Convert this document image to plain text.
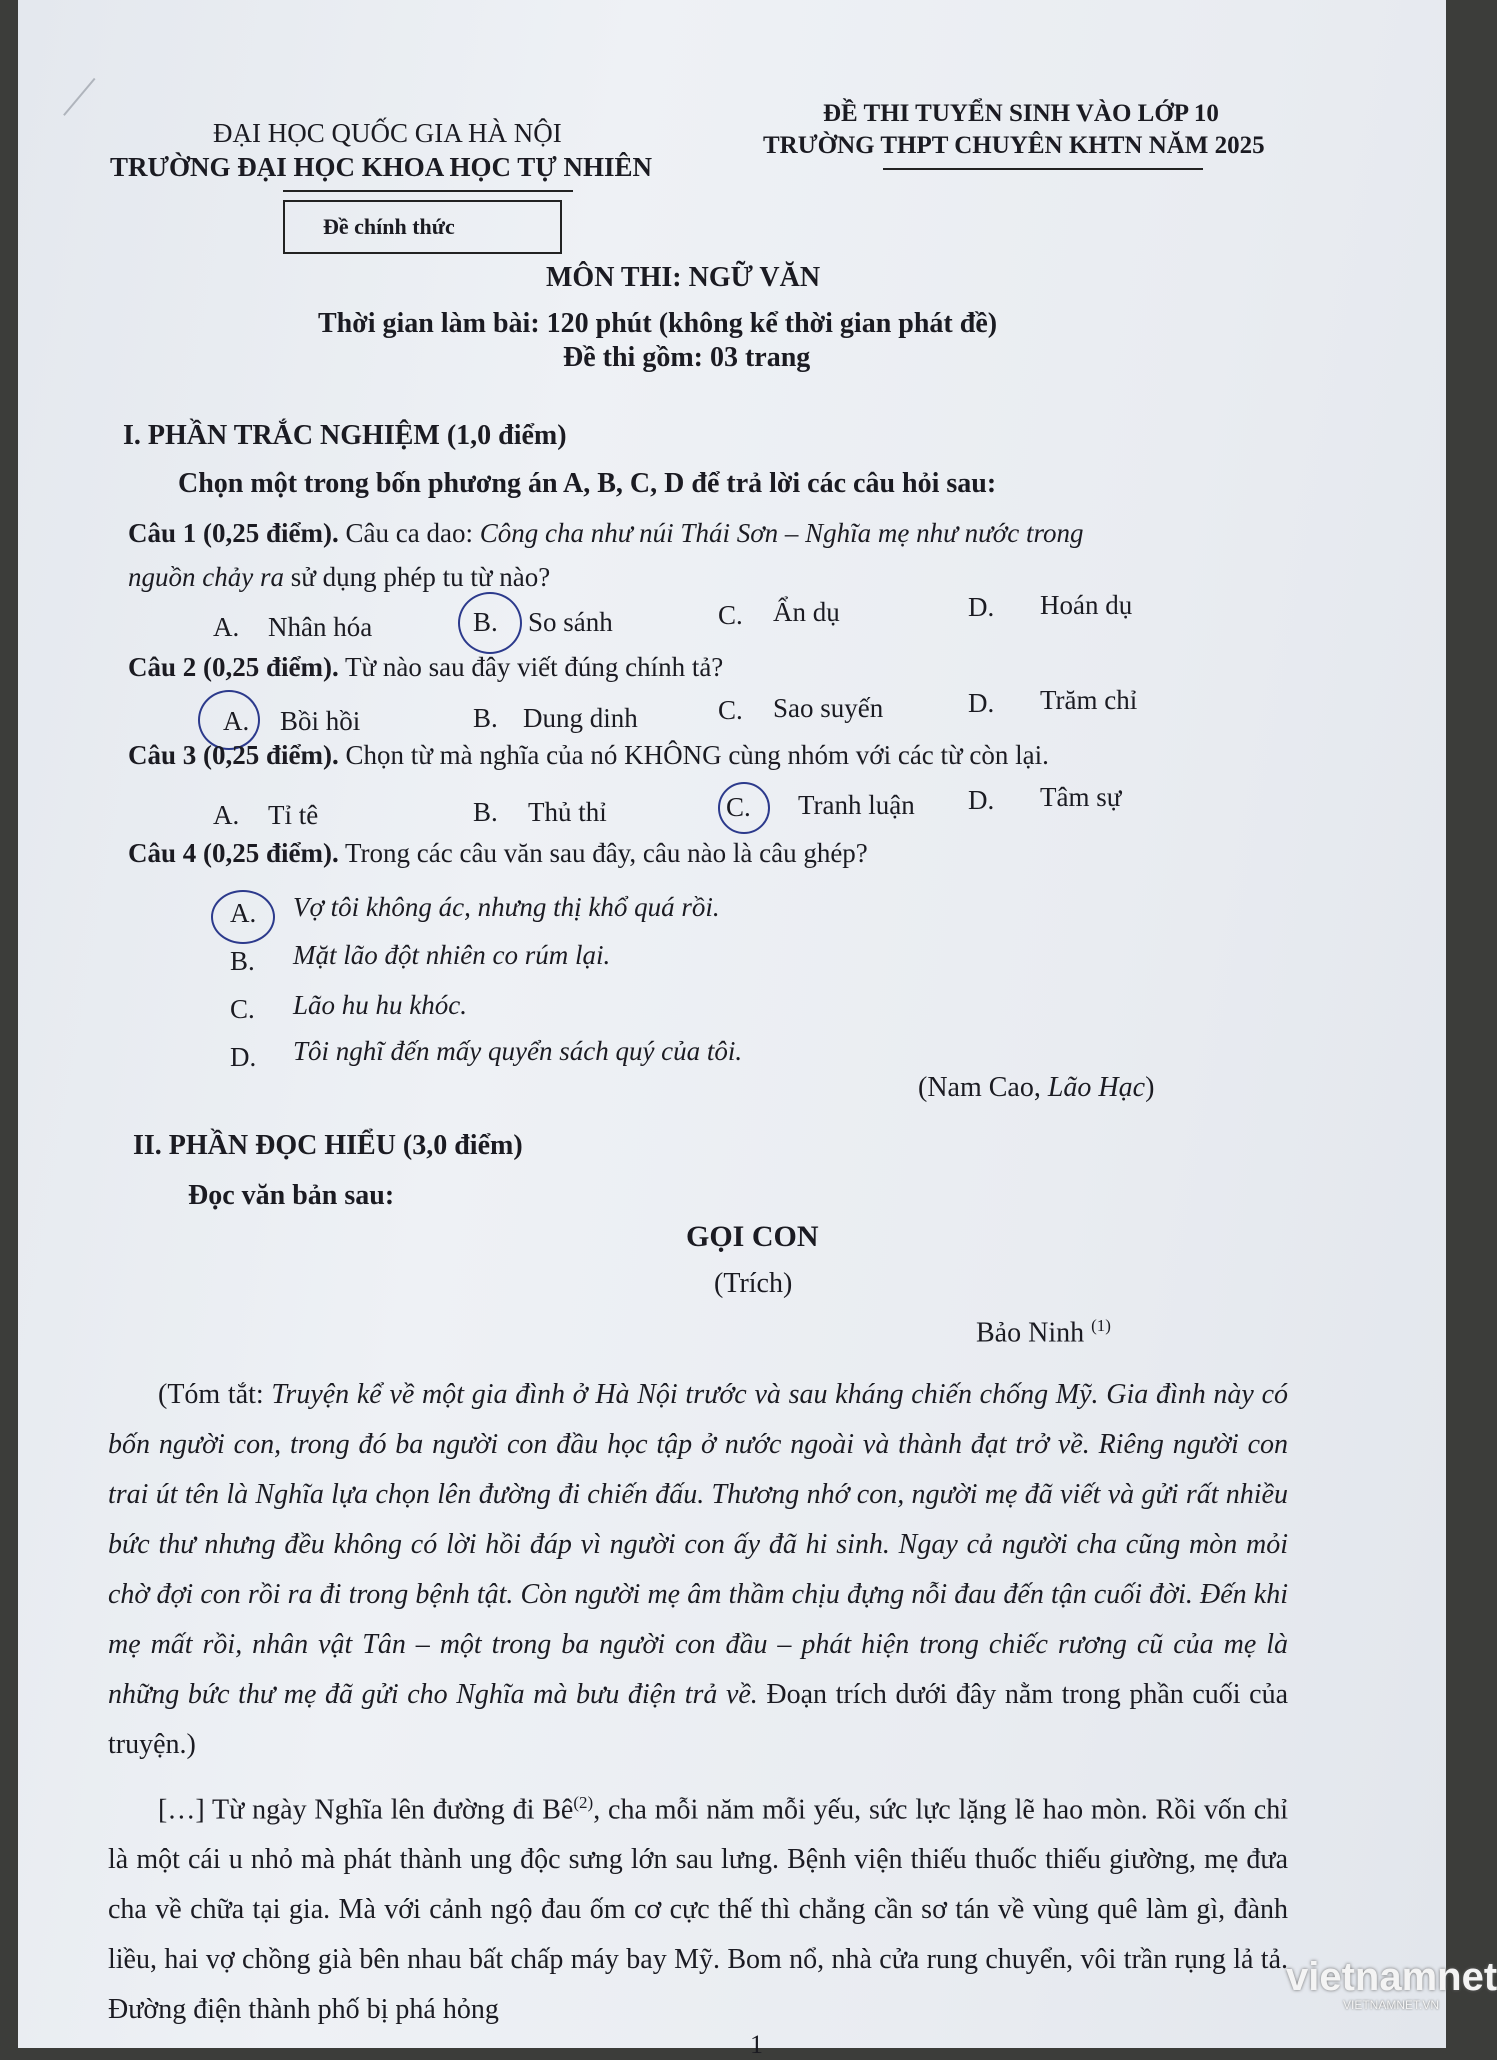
ĐẠI HỌC QUỐC GIA HÀ NỘI
TRƯỜNG ĐẠI HỌC KHOA HỌC TỰ NHIÊN
Đề chính thức
ĐỀ THI TUYỂN SINH VÀO LỚP 10
TRƯỜNG THPT CHUYÊN KHTN NĂM 2025
MÔN THI: NGỮ VĂN
Thời gian làm bài: 120 phút (không kể thời gian phát đề)
Đề thi gồm: 03 trang
I. PHẦN TRẮC NGHIỆM (1,0 điểm)
Chọn một trong bốn phương án A, B, C, D để trả lời các câu hỏi sau:
Câu 1 (0,25 điểm). Câu ca dao: Công cha như núi Thái Sơn – Nghĩa mẹ như nước trong
nguồn chảy ra sử dụng phép tu từ nào?
A. Nhân hóa	B. So sánh	C. Ẩn dụ	D. Hoán dụ
Câu 2 (0,25 điểm). Từ nào sau đây viết đúng chính tả?
A. Bồi hồi	B. Dung dinh	C. Sao suyến	D. Trăm chỉ
Câu 3 (0,25 điểm). Chọn từ mà nghĩa của nó KHÔNG cùng nhóm với các từ còn lại.
A. Tỉ tê	B. Thủ thỉ	C. Tranh luận D. Tâm sự
Câu 4 (0,25 điểm). Trong các câu văn sau đây, câu nào là câu ghép?
A. Vợ tôi không ác, nhưng thị khổ quá rồi.
B. Mặt lão đột nhiên co rúm lại.
C. Lão hu hu khóc.
D. Tôi nghĩ đến mấy quyển sách quý của tôi.
(Nam Cao, Lão Hạc)
II. PHẦN ĐỌC HIỂU (3,0 điểm)
Đọc văn bản sau:
GỌI CON
(Trích)
Bảo Ninh $^{(1)}$
(Tóm tắt: Truyện kể về một gia đình ở Hà Nội trước và sau kháng chiến chống Mỹ. Gia đình này có bốn người con, trong đó ba người con đầu học tập ở nước ngoài và thành đạt trở về. Riêng người con trai út tên là Nghĩa lựa chọn lên đường đi chiến đấu. Thương nhớ con, người mẹ đã viết và gửi rất nhiều bức thư nhưng đều không có lời hồi đáp vì người con ấy đã hi sinh. Ngay cả người cha cũng mòn mỏi chờ đợi con rồi ra đi trong bệnh tật. Còn người mẹ âm thầm chịu đựng nỗi đau đến tận cuối đời. Đến khi mẹ mất rồi, nhân vật Tân – một trong ba người con đầu – phát hiện trong chiếc rương cũ của mẹ là những bức thư mẹ đã gửi cho Nghĩa mà bưu điện trả về. Đoạn trích dưới đây nằm trong phần cuối của truyện.)
[…] Từ ngày Nghĩa lên đường đi $Bê^{(2)}$, cha mỗi năm mỗi yếu, sức lực lặng lẽ hao mòn. Rồi vốn chỉ là một cái u nhỏ mà phát thành ung độc sưng lớn sau lưng. Bệnh viện thiếu thuốc thiếu giường, mẹ đưa cha về chữa tại gia. Mà với cảnh ngộ đau ốm cơ cực thế thì chẳng cần sơ tán về vùng quê làm gì, đành liều, hai vợ chồng già bên nhau bất chấp máy bay Mỹ. Bom nổ, nhà cửa rung chuyển, vôi trần rụng lả tả. Đường điện thành phố bị phá hỏng
1
vietnamnet
VIETNAMNET.VN
